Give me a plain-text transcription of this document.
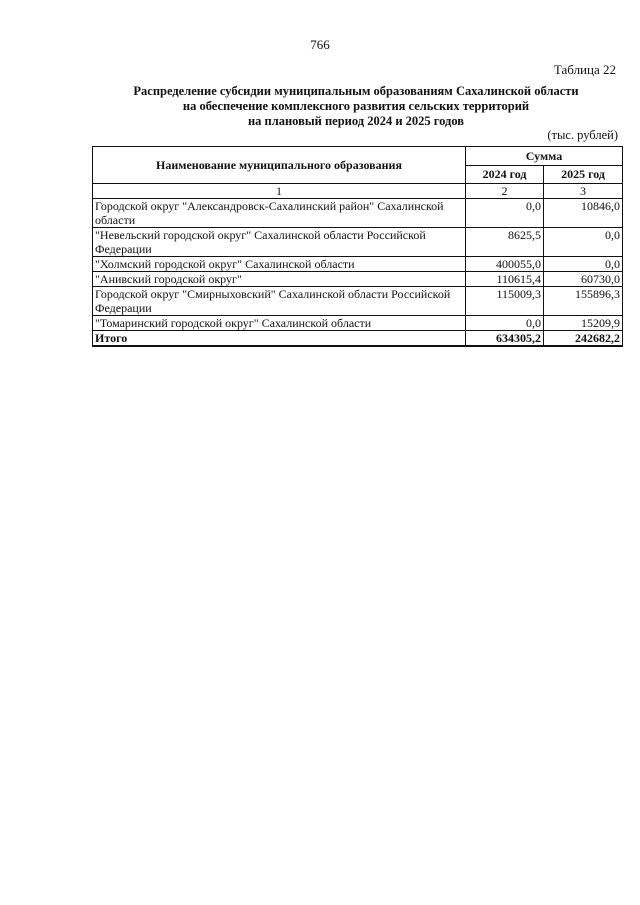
766
Таблица 22
Распределение субсидии муниципальным образованиям Сахалинской области
на обеспечение комплексного развития сельских территорий
на плановый период 2024 и 2025 годов
(тыс. рублей)
Наименование муниципального образования	Сумма	
	2024 год	2025 год
1	2	3
Городской округ "Александровск-Сахалинский район" Сахалинской области	0,0	10846,0
"Невельский городской округ" Сахалинской области Российской Федерации	8625,5	0,0
"Холмский городской округ" Сахалинской области	400055,0	0,0
"Анивский городской округ"	110615,4	60730,0
Городской округ "Смирныховский" Сахалинской области Российской Федерации	115009,3	155896,3
"Томаринский городской округ" Сахалинской области	0,0	15209,9
Итого	634305,2	242682,2
